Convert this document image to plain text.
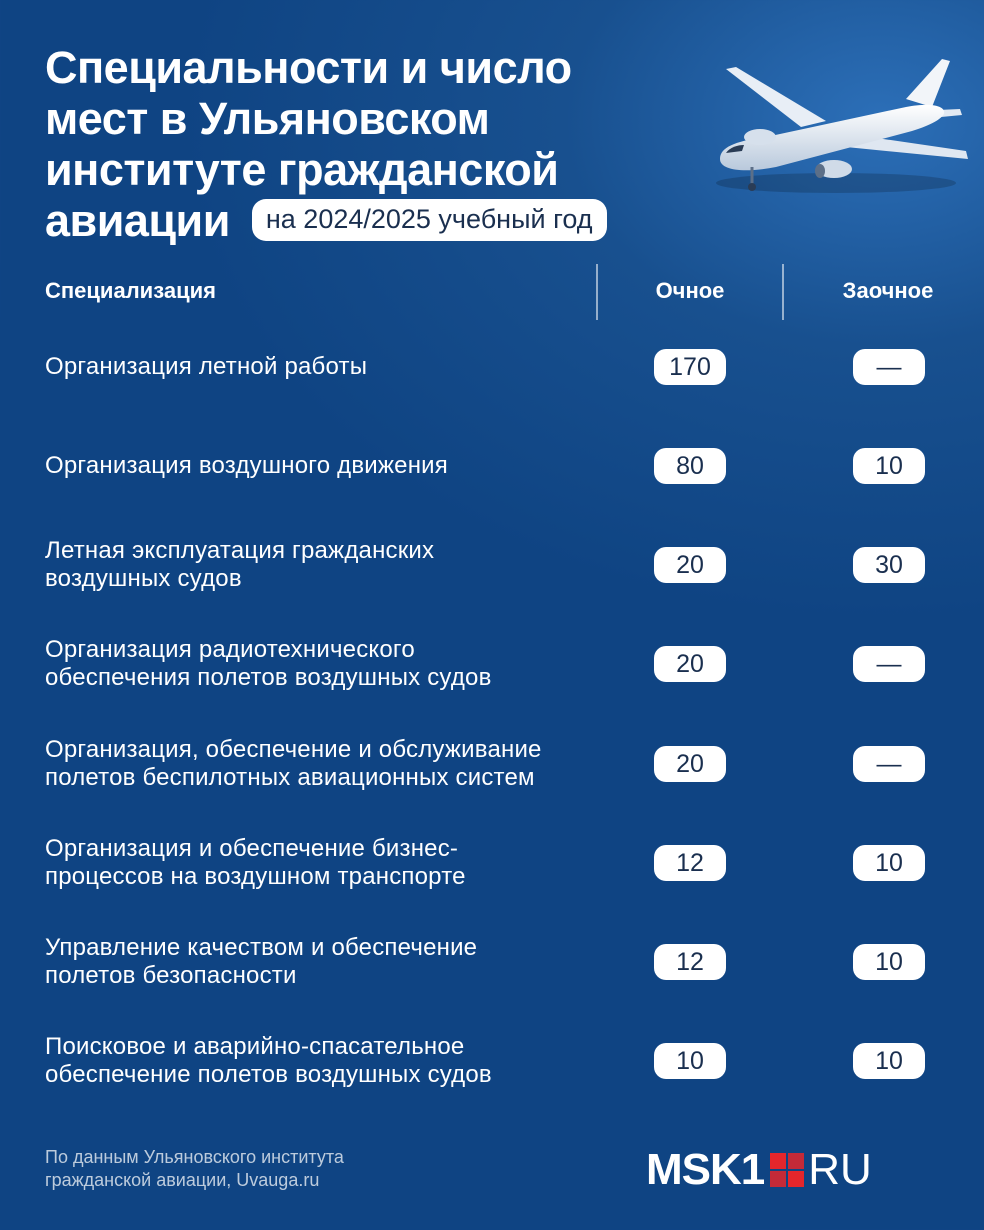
Специальности и число
мест в Ульяновском
институте гражданской
авиации на 2024/2025 учебный год
Специализация	Очное	Заочное
Организация летной работы	170	—
Организация воздушного движения	80	10
Летная эксплуатация гражданских
воздушных судов	20	30
Организация радиотехнического
обеспечения полетов воздушных судов	20	—
Организация, обеспечение и обслуживание
полетов беспилотных авиационных систем	20	—
Организация и обеспечение бизнес-
процессов на воздушном транспорте	12	10
Управление качеством и обеспечение
полетов безопасности	12	10
Поисковое и аварийно-спасательное
обеспечение полетов воздушных судов	10	10
По данным Ульяновского института
гражданской авиации, Uvauga.ru	MSK1 RU
